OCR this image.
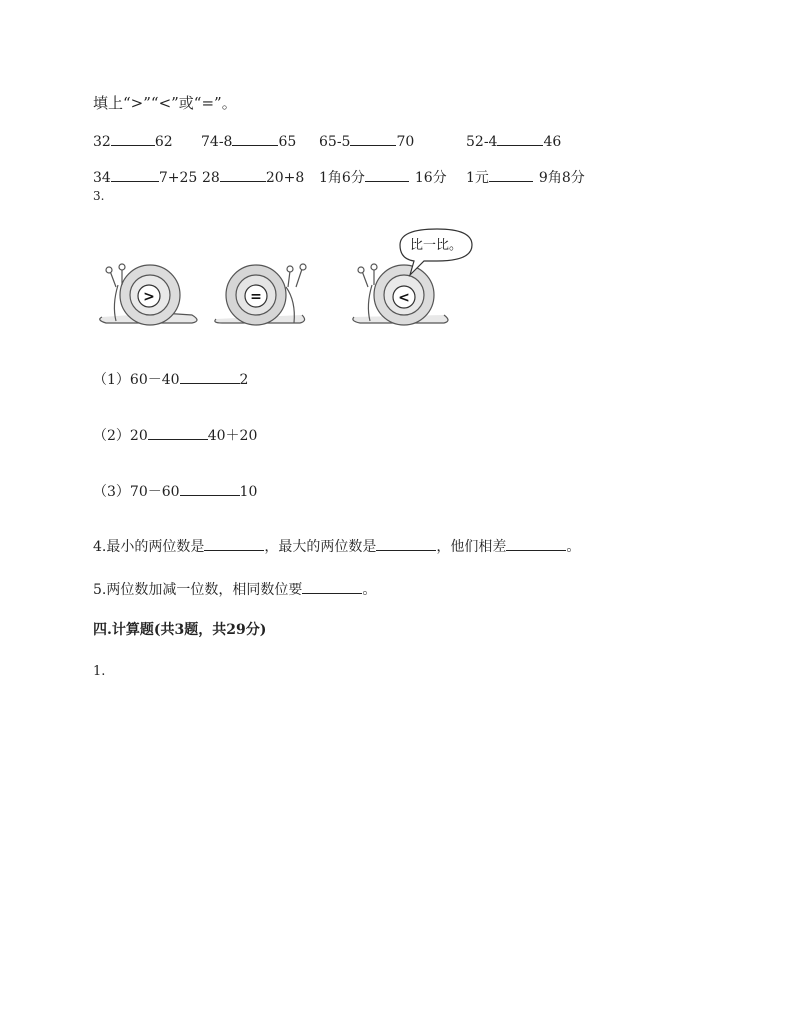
填上“>”“<”或“=”。
32	62 74-8	65 65-5	70	52-4	46
34	7+25 28	20+8 1角6分	16分 1元	9角8分
3.
>	=	<
比一比。
（1）60－40	2
（2）20	40＋20
（3）70－60	10
4.最小的两位数是	，最大的两位数是	，他们相差	。
5.两位数加减一位数，相同数位要	。
四.计算题(共3题，共29分)
1.
